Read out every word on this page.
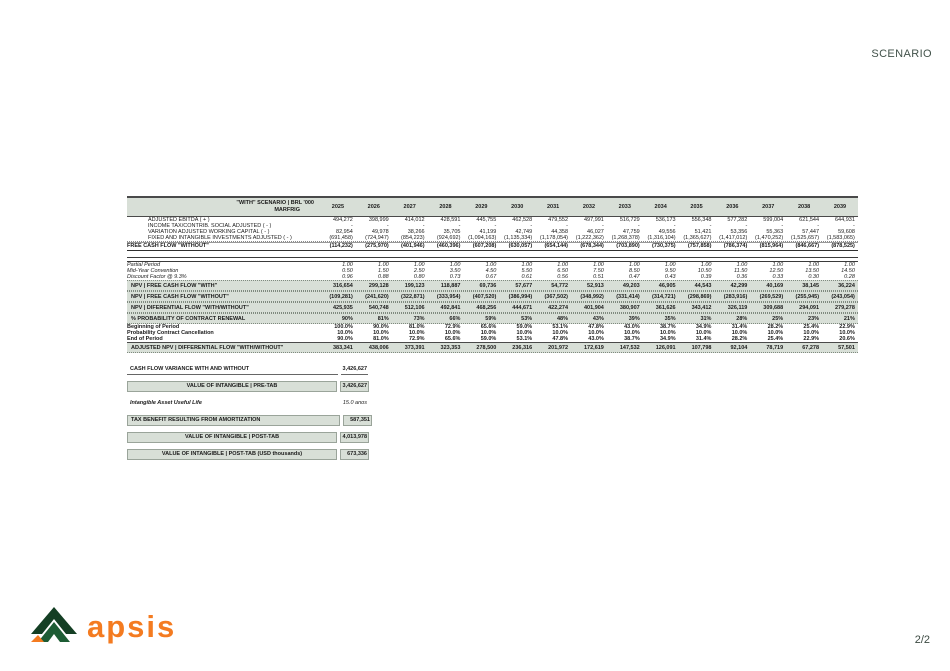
SCENARIO
"WITH" SCENARIO | BRL '000
MARFRIG	2025	2026	2027	2028	2029	2030	2031	2032	2033	2034	2035	2036	2037	2038	2039
ADJUSTED EBITDA ( + )	494,272	398,999	414,012	428,591	445,755	462,528	479,552	497,991	516,729	536,173	556,348	577,282	599,004	621,544	644,931
INCOME TAX/CONTRIB. SOCIAL ADJUSTED ( - )	-	-	-	-	-	-	-	-	-	-	-	-	-	-	-
VARIATION ADJUSTED WORKING CAPITAL ( - )	82,954	49,978	38,266	35,705	41,199	42,749	44,358	46,027	47,759	49,556	51,421	53,356	55,363	57,447	59,608
FIXED AND INTANGIBLE INVESTMENTS ADJUSTED ( - )	(691,458)	(724,947)	(854,223)	(924,692)	(1,094,163)	(1,135,334)	(1,178,054)	(1,222,362)	(1,268,378)	(1,316,104)	(1,365,627)	(1,417,012)	(1,470,252)	(1,525,657)	(1,583,065)
FREE CASH FLOW "WITHOUT"	(114,232)	(275,970)	(401,946)	(460,396)	(607,208)	(630,057)	(654,144)	(678,344)	(703,890)	(730,375)	(757,858)	(786,374)	(815,964)	(846,667)	(878,525)
Partial Period	1.00	1.00	1.00	1.00	1.00	1.00	1.00	1.00	1.00	1.00	1.00	1.00	1.00	1.00	1.00
Mid-Year Convention	0.50	1.50	2.50	3.50	4.50	5.50	6.50	7.50	8.50	9.50	10.50	11.50	12.50	13.50	14.50
Discount Factor @ 9.3%	0.96	0.88	0.80	0.73	0.67	0.61	0.56	0.51	0.47	0.43	0.39	0.36	0.33	0.30	0.28
NPV | FREE CASH FLOW "WITH"	316,654	299,128	199,123	118,887	69,736	57,677	54,772	52,913	49,203	46,905	44,543	42,299	40,169	38,145	36,224
NPV | FREE CASH FLOW "WITHOUT"	(109,281)	(241,620)	(322,871)	(333,954)	(407,520)	(386,994)	(367,502)	(348,992)	(331,414)	(314,721)	(298,869)	(283,916)	(269,529)	(255,945)	(243,054)
NPV | DIFERENTIAL FLOW "WITH/WITHOUT"	425,935	540,748	512,106	492,841	468,256	444,671	422,274	401,904	380,907	361,626	343,412	326,119	309,688	294,091	279,278
% PROBABILITY OF CONTRACT RENEWAL	90%	81%	73%	66%	59%	53%	48%	43%	39%	35%	31%	28%	25%	23%	21%
Beginning of Period	100.0%	90.0%	81.0%	72.9%	65.6%	59.0%	53.1%	47.8%	43.0%	38.7%	34.9%	31.4%	28.2%	25.4%	22.9%
Probability Contract Cancellation	10.0%	10.0%	10.0%	10.0%	10.0%	10.0%	10.0%	10.0%	10.0%	10.0%	10.0%	10.0%	10.0%	10.0%	10.0%
End of Period	90.0%	81.0%	72.9%	65.6%	59.0%	53.1%	47.8%	43.0%	38.7%	34.9%	31.4%	28.2%	25.4%	22.9%	20.6%
ADJUSTED NPV | DIFFERENTIAL FLOW "WITH/WITHOUT"	383,341	438,006	373,391	323,353	278,500	236,316	201,972	172,619	147,532	126,091	107,798	92,104	78,719	67,278	57,501
CASH FLOW VARIANCE WITH AND WITHOUT	3,426,627
VALUE OF INTANGIBLE | PRE-TAB	3,426,627
Intangible Asset Useful Life	15.0 anos
TAX BENEFIT RESULTING FROM AMORTIZATION	587,351
VALUE OF INTANGIBLE | POST-TAB	4,013,978
VALUE OF INTANGIBLE | POST-TAB (USD thousands)	673,336
apsis	2/2
